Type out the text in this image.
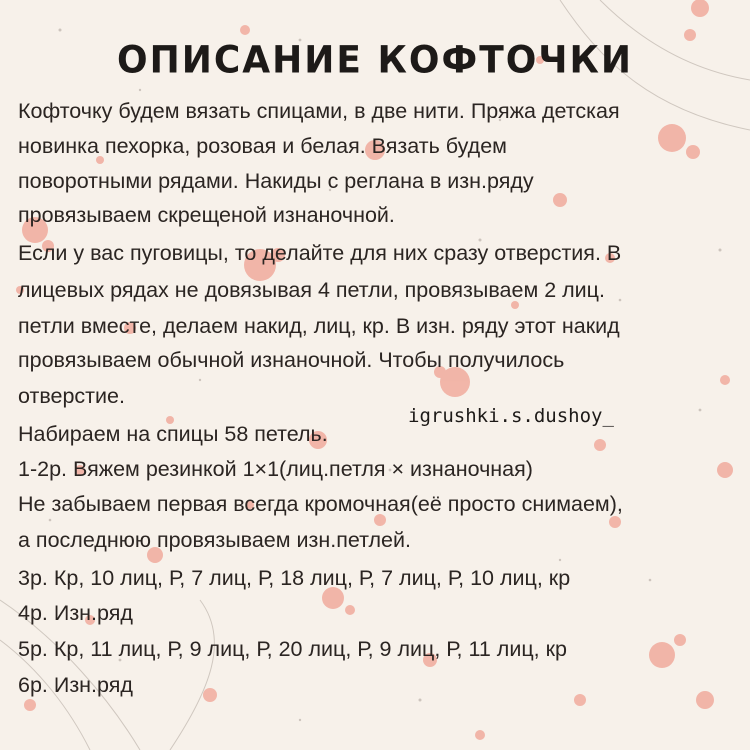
ОПИСАНИЕ КОФТОЧКИ
Кофточку будем вязать спицами, в две нити. Пряжа детская
новинка пехорка, розовая и белая. Вязать будем
поворотными рядами. Накиды с реглана в изн.ряду
провязываем скрещеной изнаночной.
Если у вас пуговицы, то делайте для них сразу отверстия. В
лицевых рядах не довязывая 4 петли, провязываем 2 лиц.
петли вместе, делаем накид, лиц, кр. В изн. ряду этот накид
провязываем обычной изнаночной. Чтобы получилось
отверстие.
Набираем на спицы 58 петель.
1-2р. Вяжем резинкой 1×1(лиц.петля × изнаночная)
Не забываем первая всегда кромочная(её просто снимаем),
а последнюю провязываем изн.петлей.
3р. Кр, 10 лиц, Р, 7 лиц, Р, 18 лиц, Р, 7 лиц, Р, 10 лиц, кр
4р. Изн.ряд
5р. Кр, 11 лиц, Р, 9 лиц, Р, 20 лиц, Р, 9 лиц, Р, 11 лиц, кр
6р. Изн.ряд
igrushki.s.dushoy_
